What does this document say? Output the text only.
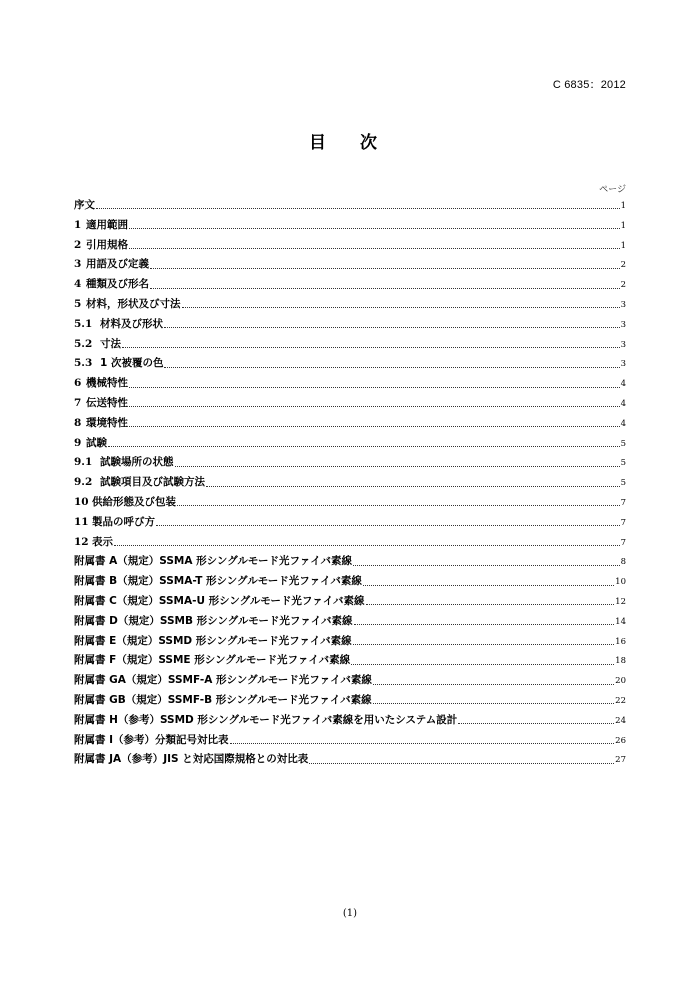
C 6835：2012
目 次
ページ
序文	1
1 適用範囲	1
2 引用規格	1
3 用語及び定義	2
4 種類及び形名	2
5 材料，形状及び寸法	3
5.1 材料及び形状	3
5.2 寸法	3
5.3 1 次被覆の色	3
6 機械特性	4
7 伝送特性	4
8 環境特性	4
9 試験	5
9.1 試験場所の状態	5
9.2 試験項目及び試験方法	5
10 供給形態及び包装	7
11 製品の呼び方	7
12 表示	7
附属書 A（規定）SSMA 形シングルモード光ファイバ素線	8
附属書 B（規定）SSMA-T 形シングルモード光ファイバ素線	10
附属書 C（規定）SSMA-U 形シングルモード光ファイバ素線	12
附属書 D（規定）SSMB 形シングルモード光ファイバ素線	14
附属書 E（規定）SSMD 形シングルモード光ファイバ素線	16
附属書 F（規定）SSME 形シングルモード光ファイバ素線	18
附属書 GA（規定）SSMF-A 形シングルモード光ファイバ素線	20
附属書 GB（規定）SSMF-B 形シングルモード光ファイバ素線	22
附属書 H（参考）SSMD 形シングルモード光ファイバ素線を用いたシステム設計	24
附属書 I（参考）分類記号対比表	26
附属書 JA（参考）JIS と対応国際規格との対比表	27
(1)
